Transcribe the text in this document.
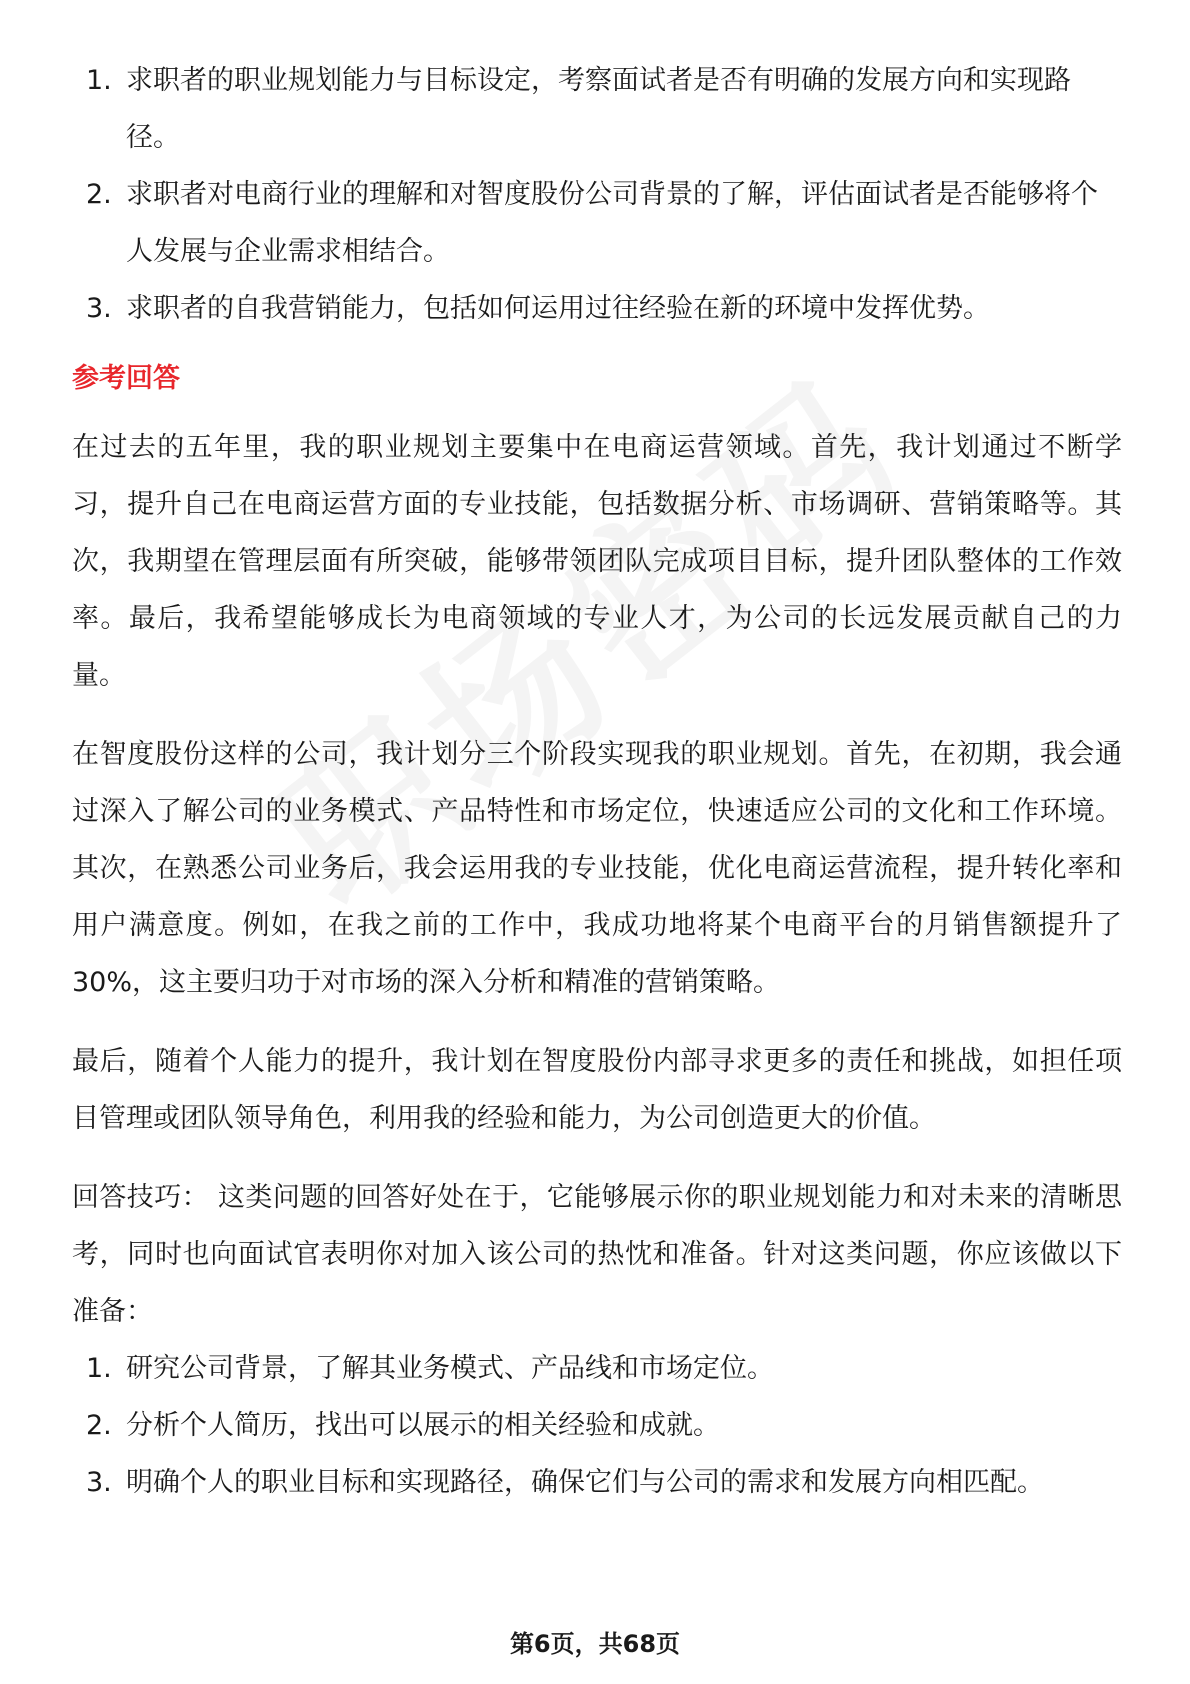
1. 求职者的职业规划能力与目标设定，考察面试者是否有明确的发展方向和实现路径。
2. 求职者对电商行业的理解和对智度股份公司背景的了解，评估面试者是否能够将个人发展与企业需求相结合。
3. 求职者的自我营销能力，包括如何运用过往经验在新的环境中发挥优势。
参考回答

在过去的五年里，我的职业规划主要集中在电商运营领域。首先，我计划通过不断学习，提升自己在电商运营方面的专业技能，包括数据分析、市场调研、营销策略等。其次，我期望在管理层面有所突破，能够带领团队完成项目目标，提升团队整体的工作效率。最后，我希望能够成长为电商领域的专业人才，为公司的长远发展贡献自己的力量。

在智度股份这样的公司，我计划分三个阶段实现我的职业规划。首先，在初期，我会通过深入了解公司的业务模式、产品特性和市场定位，快速适应公司的文化和工作环境。其次，在熟悉公司业务后，我会运用我的专业技能，优化电商运营流程，提升转化率和用户满意度。例如，在我之前的工作中，我成功地将某个电商平台的月销售额提升了30%，这主要归功于对市场的深入分析和精准的营销策略。

最后，随着个人能力的提升，我计划在智度股份内部寻求更多的责任和挑战，如担任项目管理或团队领导角色，利用我的经验和能力，为公司创造更大的价值。

回答技巧： 这类问题的回答好处在于，它能够展示你的职业规划能力和对未来的清晰思考，同时也向面试官表明你对加入该公司的热忱和准备。针对这类问题，你应该做以下准备：

1. 研究公司背景，了解其业务模式、产品线和市场定位。
2. 分析个人简历，找出可以展示的相关经验和成就。
3. 明确个人的职业目标和实现路径，确保它们与公司的需求和发展方向相匹配。
第6页，共68页
